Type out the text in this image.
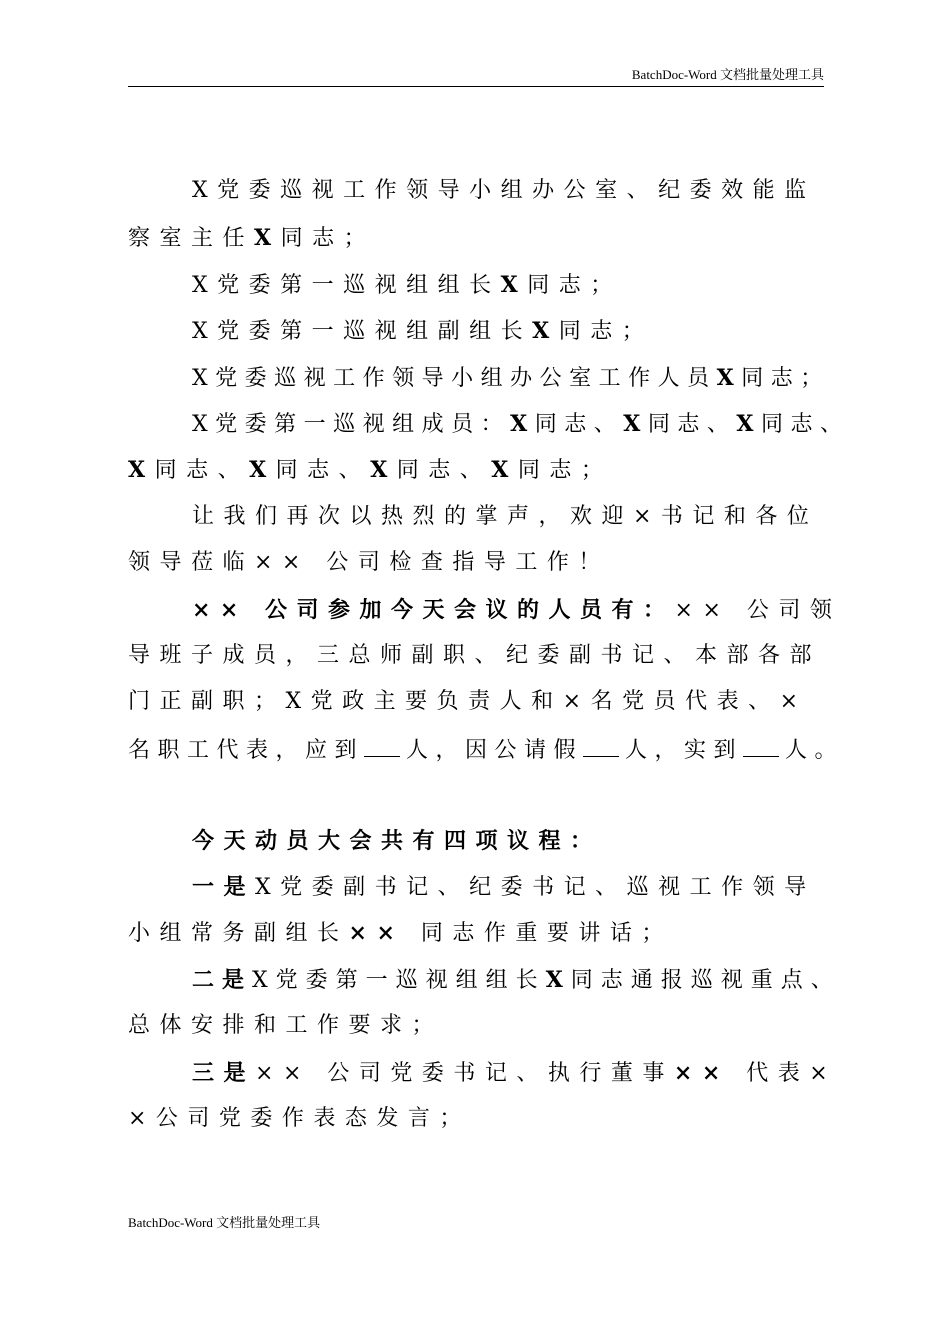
BatchDoc-Word 文档批量处理工具
X党委巡视工作领导小组办公室、纪委效能监
察室主任X同志；
X党委第一巡视组组长X同志；
X党委第一巡视组副组长X同志；
X党委巡视工作领导小组办公室工作人员X同志；
X党委第一巡视组成员：X同志、X同志、X同志、
X同志、X同志、X同志、X同志；
让我们再次以热烈的掌声，欢迎×书记和各位
领导莅临×× 公司检查指导工作！
×× 公司参加今天会议的人员有：×× 公司领
导班子成员，三总师副职、纪委副书记、本部各部
门正副职；X党政主要负责人和×名党员代表、×
名职工代表，应到 人，因公请假 人，实到 人。
今天动员大会共有四项议程：
一是X党委副书记、纪委书记、巡视工作领导
小组常务副组长×× 同志作重要讲话；
二是X党委第一巡视组组长X同志通报巡视重点、
总体安排和工作要求；
三是×× 公司党委书记、执行董事×× 代表×
×公司党委作表态发言；
BatchDoc-Word 文档批量处理工具
